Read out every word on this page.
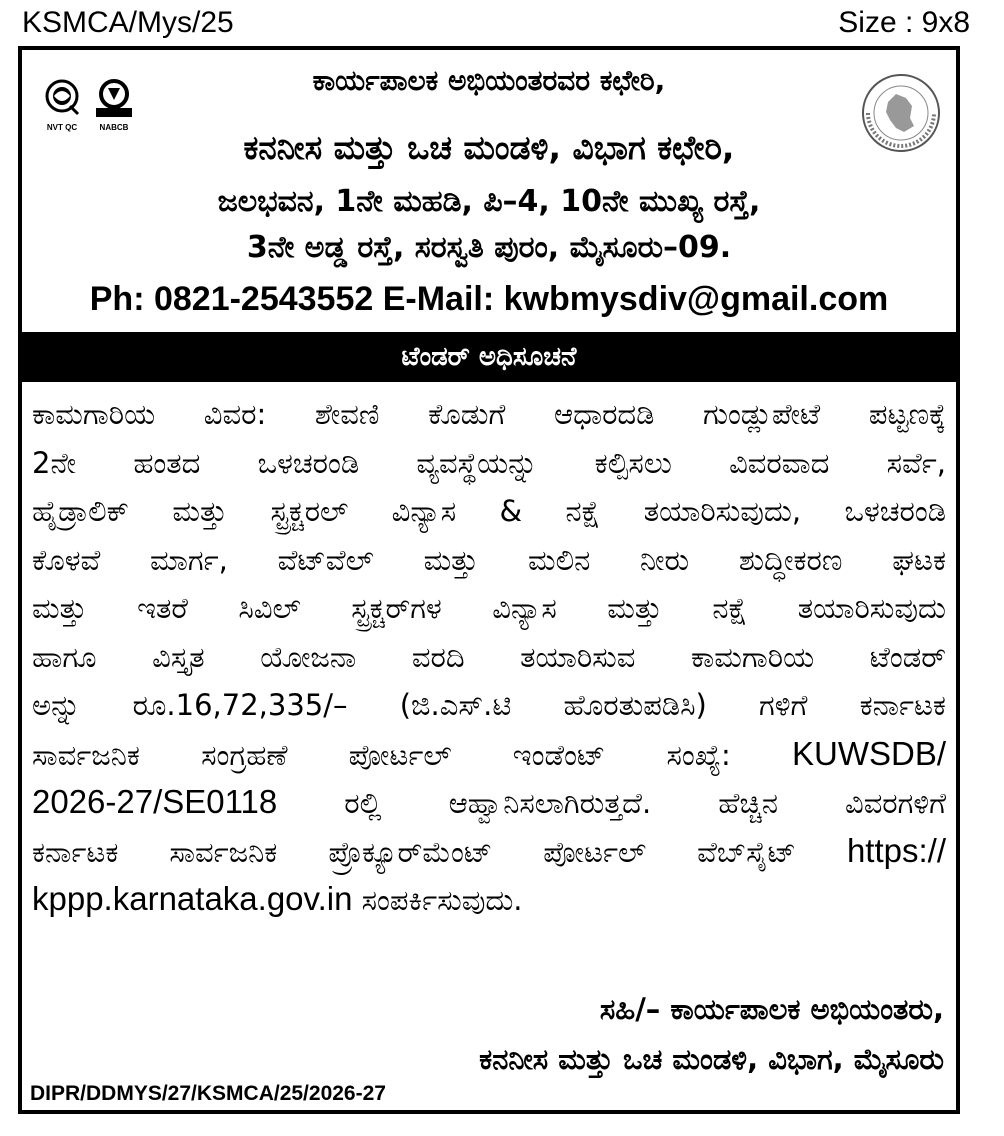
KSMCA/Mys/25	Size : 9x8
NVT QC	NABCB
ಕಾರ್ಯಪಾಲಕ ಅಭಿಯಂತರವರ ಕಛೇರಿ,
ಕನನೀಸ ಮತ್ತು ಒಚ ಮಂಡಳಿ, ವಿಭಾಗ ಕಛೇರಿ,
ಜಲಭವನ, 1ನೇ ಮಹಡಿ, ಪಿ–4, 10ನೇ ಮುಖ್ಯ ರಸ್ತೆ,
3ನೇ ಅಡ್ಡ ರಸ್ತೆ, ಸರಸ್ವತಿ ಪುರಂ, ಮೈಸೂರು–09.
Ph: 0821-2543552 E-Mail: kwbmysdiv@gmail.com
ಟೆಂಡರ್ ಅಧಿಸೂಚನೆ
ಕಾಮಗಾರಿಯ ವಿವರ: ಶೇವಣಿ ಕೊಡುಗೆ ಆಧಾರದಡಿ ಗುಂಡ್ಲುಪೇಟೆ ಪಟ್ಟಣಕ್ಕೆ
2ನೇ ಹಂತದ ಒಳಚರಂಡಿ ವ್ಯವಸ್ಥೆಯನ್ನು ಕಲ್ಪಿಸಲು ವಿವರವಾದ ಸರ್ವೆ,
ಹೈಡ್ರಾಲಿಕ್ ಮತ್ತು ಸ್ಟ್ರಕ್ಚರಲ್ ವಿನ್ಯಾಸ & ನಕ್ಷೆ ತಯಾರಿಸುವುದು, ಒಳಚರಂಡಿ
ಕೊಳವೆ ಮಾರ್ಗ, ವೆಟ್‌ವೆಲ್ ಮತ್ತು ಮಲಿನ ನೀರು ಶುದ್ಧೀಕರಣ ಘಟಕ
ಮತ್ತು ಇತರೆ ಸಿವಿಲ್ ಸ್ಟ್ರಕ್ಚರ್‌ಗಳ ವಿನ್ಯಾಸ ಮತ್ತು ನಕ್ಷೆ ತಯಾರಿಸುವುದು
ಹಾಗೂ ವಿಸ್ತೃತ ಯೋಜನಾ ವರದಿ ತಯಾರಿಸುವ ಕಾಮಗಾರಿಯ ಟೆಂಡರ್
ಅನ್ನು ರೂ.16,72,335/– (ಜಿ.ಎಸ್.ಟಿ ಹೊರತುಪಡಿಸಿ) ಗಳಿಗೆ ಕರ್ನಾಟಕ
ಸಾರ್ವಜನಿಕ ಸಂಗ್ರಹಣೆ ಪೋರ್ಟಲ್ ಇಂಡೆಂಟ್ ಸಂಖ್ಯೆ: KUWSDB/
2026-27/SE0118 ರಲ್ಲಿ ಆಹ್ವಾನಿಸಲಾಗಿರುತ್ತದೆ. ಹೆಚ್ಚಿನ ವಿವರಗಳಿಗೆ
ಕರ್ನಾಟಕ ಸಾರ್ವಜನಿಕ ಪ್ರೊಕ್ಯೂರ್‌ಮೆಂಟ್ ಪೋರ್ಟಲ್ ವೆಬ್‌ಸೈಟ್ https://
kppp.karnataka.gov.in ಸಂಪರ್ಕಿಸುವುದು.
ಸಹಿ/– ಕಾರ್ಯಪಾಲಕ ಅಭಿಯಂತರು,
ಕನನೀಸ ಮತ್ತು ಒಚ ಮಂಡಳಿ, ವಿಭಾಗ, ಮೈಸೂರು
DIPR/DDMYS/27/KSMCA/25/2026-27
